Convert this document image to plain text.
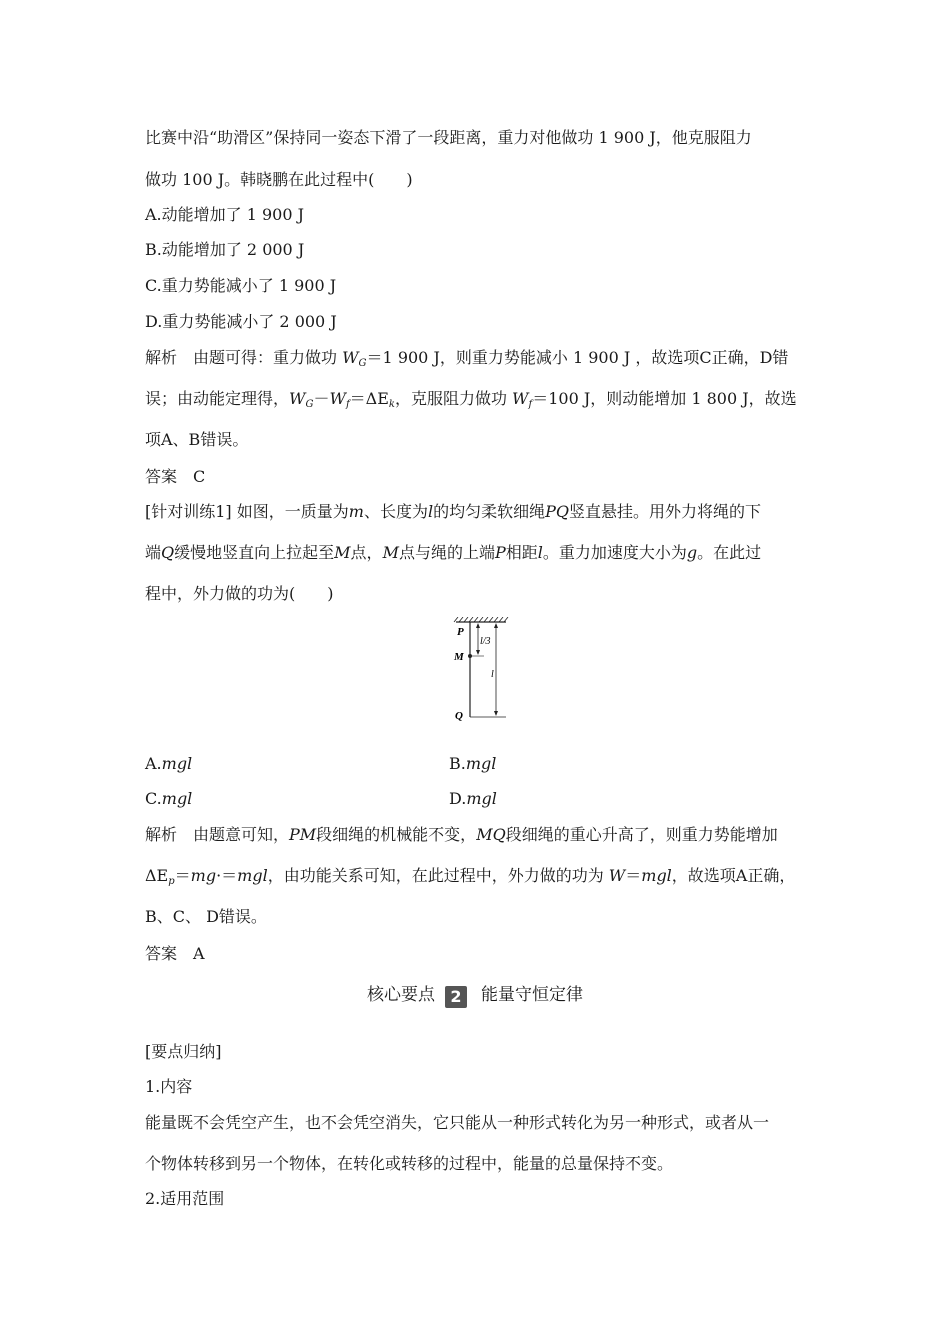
比赛中沿“助滑区”保持同一姿态下滑了一段距离，重力对他做功 1 900 J，他克服阻力
做功 100 J。韩晓鹏在此过程中(　　)
A.动能增加了 1 900 J
B.动能增加了 2 000 J
C.重力势能减小了 1 900 J
D.重力势能减小了 2 000 J
解析　由题可得：重力做功 $W_G=1$ 900 J，则重力势能减小 1 900 J ，故选项C正确，D错
误；由动能定理得，$W_G-W_f=\Delta E_k$，克服阻力做功 $W_f=100$ J，则动能增加 1 800 J，故选
项A、B错误。
答案　C
[针对训练1] 如图，一质量为m、长度为l的均匀柔软细绳PQ竖直悬挂。用外力将绳的下
端Q缓慢地竖直向上拉起至M点，M点与绳的上端P相距l。重力加速度大小为g。在此过
程中，外力做的功为(　　)
P
M
Q
l/3
l
A.mgl	B.mgl
C.mgl	D.mgl
解析　由题意可知，PM段细绳的机械能不变，MQ段细绳的重心升高了，则重力势能增加
$\Delta E_p=mg\cdot=mgl$，由功能关系可知，在此过程中，外力做的功为 W＝mgl，故选项A正确，
B、C、 D错误。
答案　A
核心要点 2 能量守恒定律
[要点归纳]
1.内容
能量既不会凭空产生，也不会凭空消失，它只能从一种形式转化为另一种形式，或者从一
个物体转移到另一个物体，在转化或转移的过程中，能量的总量保持不变。
2.适用范围
